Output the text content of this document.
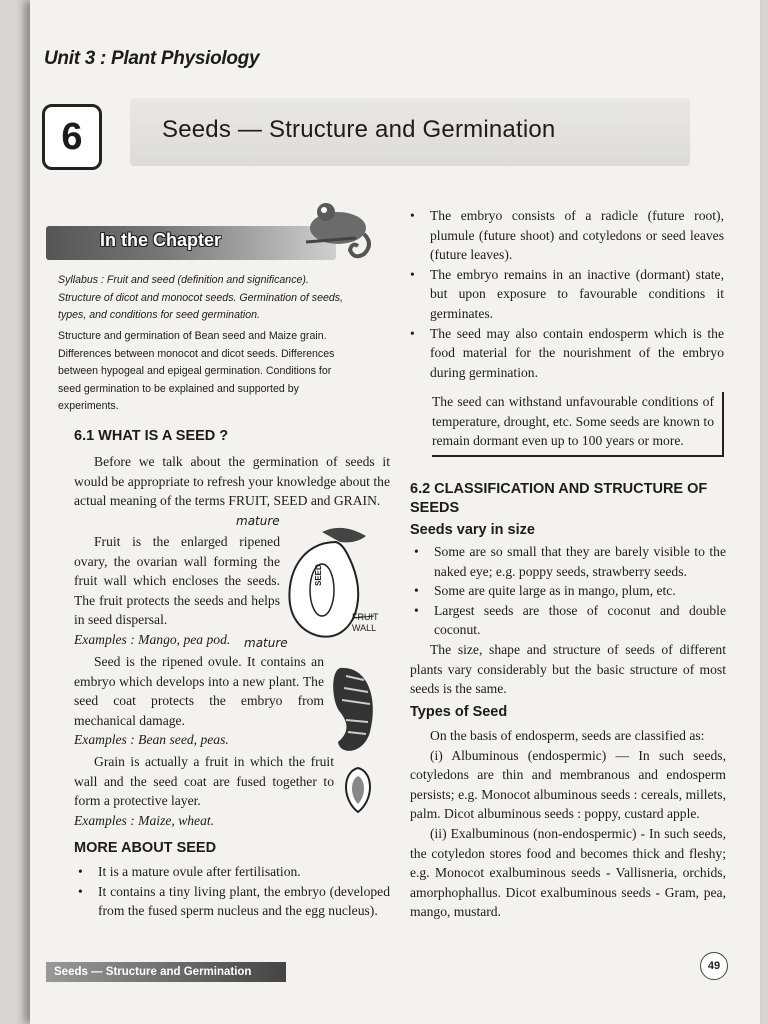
Unit 3 : Plant Physiology
6	Seeds — Structure and Germination
In the Chapter
Syllabus : Fruit and seed (definition and significance). Structure of dicot and monocot seeds. Germination of seeds, types, and conditions for seed germination.
Structure and germination of Bean seed and Maize grain. Differences between monocot and dicot seeds. Differences between hypogeal and epigeal germination. Conditions for seed germination to be explained and supported by experiments.
6.1 WHAT IS A SEED ?

Before we talk about the germination of seeds it would be appropriate to refresh your knowledge about the actual meaning of the terms FRUIT, SEED and GRAIN.

Fruit is the enlarged ripened ovary, the ovarian wall forming the fruit wall which encloses the seeds. The fruit protects the seeds and helps in seed dispersal.

Examples : Mango, pea pod.

mature
mature
SEED
FRUIT WALL

Seed is the ripened ovule. It contains an embryo which develops into a new plant. The seed coat protects the embryo from mechanical damage.

Examples : Bean seed, peas.

Grain is actually a fruit in which the fruit wall and the seed coat are fused together to form a protective layer.

Examples : Maize, wheat.

MORE ABOUT SEED
• It is a mature ovule after fertilisation.
• It contains a tiny living plant, the embryo (developed from the fused sperm nucleus and the egg nucleus).
• The embryo consists of a radicle (future root), plumule (future shoot) and cotyledons or seed leaves (future leaves).
• The embryo remains in an inactive (dormant) state, but upon exposure to favourable conditions it germinates.
• The seed may also contain endosperm which is the food material for the nourishment of the embryo during germination.
The seed can withstand unfavourable conditions of temperature, drought, etc. Some seeds are known to remain dormant even up to 100 years or more.
6.2 CLASSIFICATION AND STRUCTURE OF SEEDS
Seeds vary in size
• Some are so small that they are barely visible to the naked eye; e.g. poppy seeds, strawberry seeds.
• Some are quite large as in mango, plum, etc.
• Largest seeds are those of coconut and double coconut.

The size, shape and structure of seeds of different plants vary considerably but the basic structure of most seeds is the same.

Types of Seed

On the basis of endosperm, seeds are classified as:

(i) Albuminous (endospermic) — In such seeds, cotyledons are thin and membranous and endosperm persists; e.g. Monocot albuminous seeds : cereals, millets, palm. Dicot albuminous seeds : poppy, custard apple.

(ii) Exalbuminous (non-endospermic) - In such seeds, the cotyledon stores food and becomes thick and fleshy; e.g. Monocot exalbuminous seeds - Vallisneria, orchids, amorphophallus. Dicot exalbuminous seeds - Gram, pea, mango, mustard.

Seeds — Structure and Germination	49
